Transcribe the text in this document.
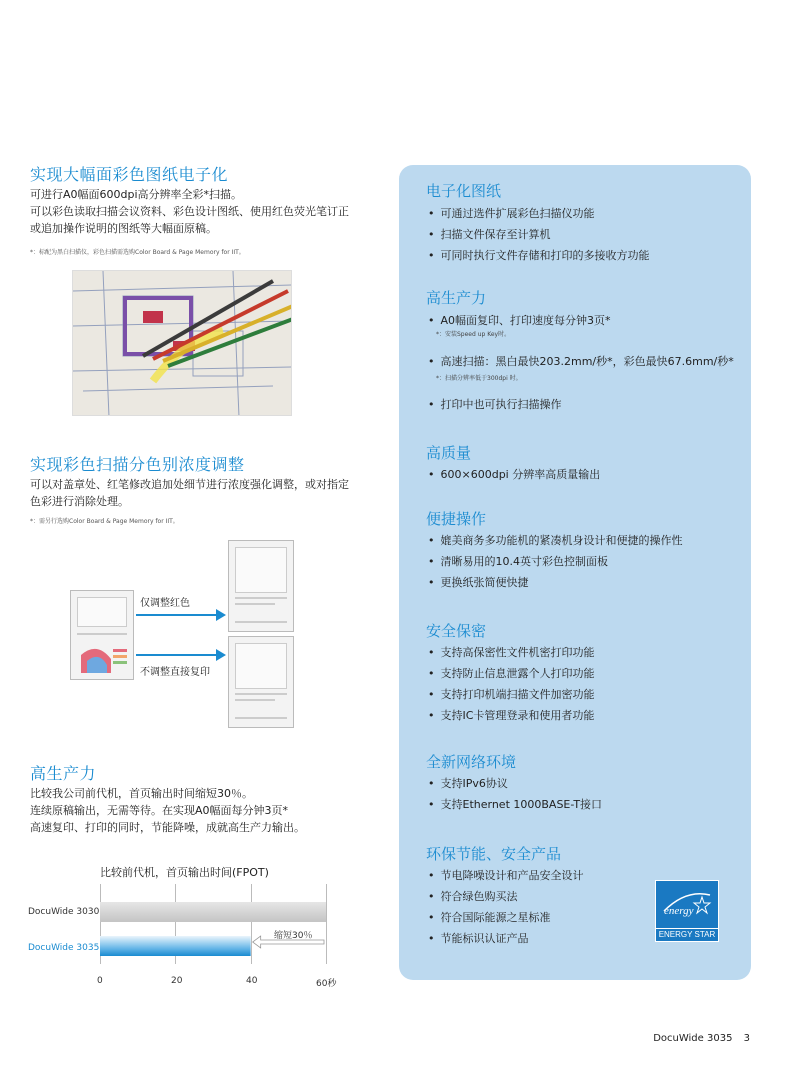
实现大幅面彩色图纸电子化
可进行A0幅面600dpi高分辨率全彩*扫描。
可以彩色读取扫描会议资料、彩色设计图纸、使用红色荧光笔订正
或追加操作说明的图纸等大幅面原稿。
*：标配为黑白扫描仪，彩色扫描需选购Color Board & Page Memory for IIT。
实现彩色扫描分色别浓度调整
可以对盖章处、红笔修改追加处细节进行浓度强化调整，或对指定
色彩进行消除处理。
*：需另行选购Color Board & Page Memory for IIT。
仅调整红色
不调整直接复印
高生产力
比较我公司前代机，首页输出时间缩短30％。
连续原稿输出，无需等待。在实现A0幅面每分钟3页*
高速复印、打印的同时，节能降噪，成就高生产力输出。
比较前代机，首页输出时间(FPOT)
DocuWide 3030
DocuWide 3035
0	20	40	60秒
缩短30％
电子化图纸
• 可通过选件扩展彩色扫描仪功能
• 扫描文件保存至计算机
• 可同时执行文件存储和打印的多接收方功能
高生产力
• A0幅面复印、打印速度每分钟3页*
*：安装Speed up Key时。
• 高速扫描：黑白最快203.2mm/秒*，彩色最快67.6mm/秒*
*：扫描分辨率低于300dpi 时。
• 打印中也可执行扫描操作
高质量
• 600×600dpi 分辨率高质量输出
便捷操作
• 媲美商务多功能机的紧凑机身设计和便捷的操作性
• 清晰易用的10.4英寸彩色控制面板
• 更换纸张简便快捷
安全保密
• 支持高保密性文件机密打印功能
• 支持防止信息泄露个人打印功能
• 支持打印机端扫描文件加密功能
• 支持IC卡管理登录和使用者功能
全新网络环境
• 支持IPv6协议
• 支持Ethernet 1000BASE-T接口
环保节能、安全产品
• 节电降噪设计和产品安全设计
• 符合绿色购买法
• 符合国际能源之星标准
• 节能标识认证产品
energy
ENERGY STAR
DocuWide 3035 3
